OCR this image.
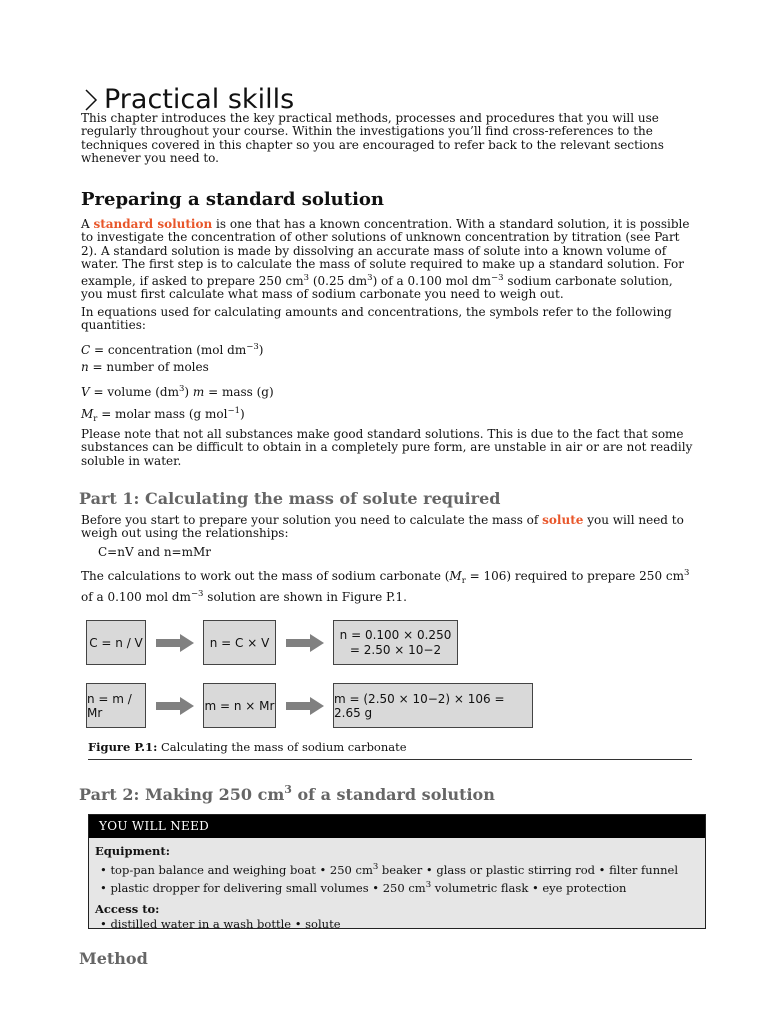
Practical skills

This chapter introduces the key practical methods, processes and procedures that you will use regularly throughout your course. Within the investigations you’ll find cross-references to the techniques covered in this chapter so you are encouraged to refer back to the relevant sections whenever you need to.

Preparing a standard solution

A standard solution is one that has a known concentration. With a standard solution, it is possible to investigate the concentration of other solutions of unknown concentration by titration (see Part 2). A standard solution is made by dissolving an accurate mass of solute into a known volume of water. The first step is to calculate the mass of solute required to make up a standard solution. For example, if asked to prepare 250 $cm^3$ (0.25 $dm^3$) of a 0.100 mol $dm^{-3}$ sodium carbonate solution, you must first calculate what mass of sodium carbonate you need to weigh out.

In equations used for calculating amounts and concentrations, the symbols refer to the following quantities:

C = concentration (mol $dm^{-3}$)

n = number of moles

V = volume $(dm^3) m$ = mass (g)

$M_r$ = molar mass (g mol$^{-1}$)

Please note that not all substances make good standard solutions. This is due to the fact that some substances can be difficult to obtain in a completely pure form, are unstable in air or are not readily soluble in water.

Part 1: Calculating the mass of solute required

Before you start to prepare your solution you need to calculate the mass of solute you will need to weigh out using the relationships:

C=nV and n=mMr

The calculations to work out the mass of sodium carbonate $(M_r = 106)$ required to prepare 250 $cm^3$
of a 0.100 mol $dm^{-3}$ solution are shown in Figure P.1.

C = n / V	n = C × V
n = 0.100 × 0.250
= 2.50 × 10−2
n = m / Mr	m = n × Mr	m = (2.50 × 10−2) × 106 = 2.65 g
Figure P.1: Calculating the mass of sodium carbonate
Part 2: Making 250 $cm^3$ of a standard solution
YOU WILL NEED
Equipment:
• top-pan balance and weighing boat • 250 $cm^3$ beaker • glass or plastic stirring rod • filter funnel
• plastic dropper for delivering small volumes • 250 $cm^3$ volumetric flask • eye protection
Access to:
• distilled water in a wash bottle • solute
Method
